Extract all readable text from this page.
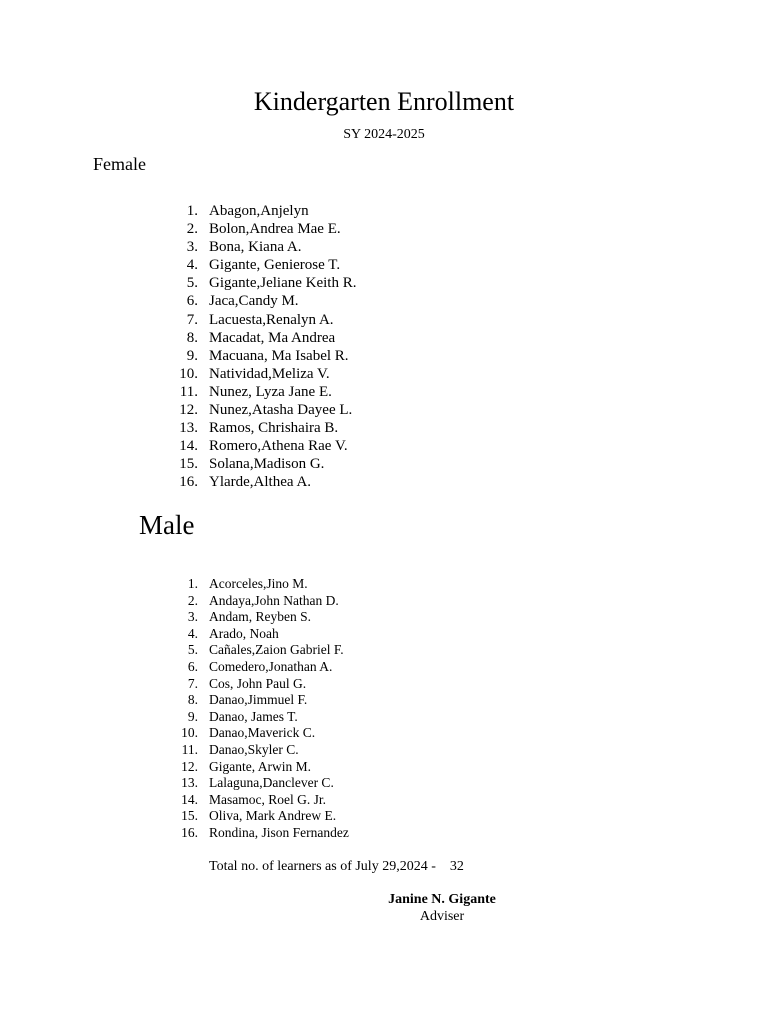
Kindergarten Enrollment
SY 2024-2025
Female
1. Abagon,Anjelyn
2. Bolon,Andrea Mae E.
3. Bona, Kiana A.
4. Gigante, Genierose T.
5. Gigante,Jeliane Keith R.
6. Jaca,Candy M.
7. Lacuesta,Renalyn A.
8. Macadat, Ma Andrea
9. Macuana, Ma Isabel R.
10. Natividad,Meliza V.
11. Nunez, Lyza Jane E.
12. Nunez,Atasha Dayee L.
13. Ramos, Chrishaira B.
14. Romero,Athena Rae V.
15. Solana,Madison G.
16. Ylarde,Althea A.
Male
1. Acorceles,Jino M.
2. Andaya,John Nathan D.
3. Andam, Reyben S.
4. Arado, Noah
5. Cañales,Zaion Gabriel F.
6. Comedero,Jonathan A.
7. Cos, John Paul G.
8. Danao,Jimmuel F.
9. Danao, James T.
10. Danao,Maverick C.
11. Danao,Skyler C.
12. Gigante, Arwin M.
13. Lalaguna,Danclever C.
14. Masamoc, Roel G. Jr.
15. Oliva, Mark Andrew E.
16. Rondina, Jison Fernandez
Total no. of learners as of July 29,2024 - 32
Janine N. Gigante
Adviser
